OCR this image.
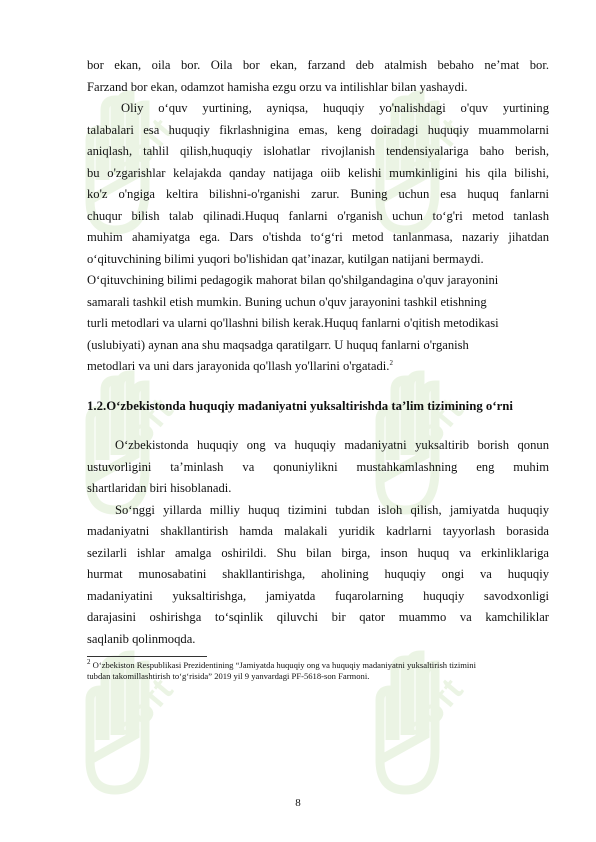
soft	soft
soft	soft
soft	soft
bor ekan, oila bor. Oila bor ekan, farzand deb atalmish bebaho ne’mat bor.
Farzand bor ekan, odamzot hamisha ezgu orzu va intilishlar bilan yashaydi.
Oliy o‘quv yurtining, ayniqsa, huquqiy yo'nalishdagi o'quv yurtining
talabalari esa huquqiy fikrlashnigina emas, keng doiradagi huquqiy muammolarni
aniqlash, tahlil qilish,huquqiy islohatlar rivojlanish tendensiyalariga baho berish,
bu o'zgarishlar kelajakda qanday natijaga oiib kelishi mumkinligini his qila bilishi,
ko'z o'ngiga keltira bilishni-o'rganishi zarur. Buning uchun esa huquq fanlarni
chuqur bilish talab qilinadi.Huquq fanlarni o'rganish uchun to‘g'ri metod tanlash
muhim ahamiyatga ega. Dars o'tishda to‘g‘ri metod tanlanmasa, nazariy jihatdan
o‘qituvchining bilimi yuqori bo'lishidan qat’inazar, kutilgan natijani bermaydi.
O‘qituvchining bilimi pedagogik mahorat bilan qo'shilgandagina o'quv jarayonini
samarali tashkil etish mumkin. Buning uchun o'quv jarayonini tashkil etishning
turli metodlari va ularni qo'llashni bilish kerak.Huquq fanlarni o'qitish metodikasi
(uslubiyati) aynan ana shu maqsadga qaratilgarr. U huquq fanlarni o'rganish
metodlari va uni dars jarayonida qo'llash yo'llarini o'rgatadi.$^2$
1.2.O‘zbekistonda huquqiy madaniyatni yuksaltirishda ta’lim tizimining o‘rni
O‘zbekistonda huquqiy ong va huquqiy madaniyatni yuksaltirib borish qonun
ustuvorligini ta’minlash va qonuniylikni mustahkamlashning eng muhim
shartlaridan biri hisoblanadi.
So‘nggi yillarda milliy huquq tizimini tubdan isloh qilish, jamiyatda huquqiy
madaniyatni shakllantirish hamda malakali yuridik kadrlarni tayyorlash borasida
sezilarli ishlar amalga oshirildi. Shu bilan birga, inson huquq va erkinliklariga
hurmat munosabatini shakllantirishga, aholining huquqiy ongi va huquqiy
madaniyatini yuksaltirishga, jamiyatda fuqarolarning huquqiy savodxonligi
darajasini oshirishga to‘sqinlik qiluvchi bir qator muammo va kamchiliklar
saqlanib qolinmoqda.
$^2$ O‘zbekiston Respublikasi Prezidentining “Jamiyatda huquqiy ong va huquqiy madaniyatni yuksaltirish tizimini
tubdan takomillashtirish to‘g‘risida” 2019 yil 9 yanvardagi PF-5618-son Farmoni.
8
